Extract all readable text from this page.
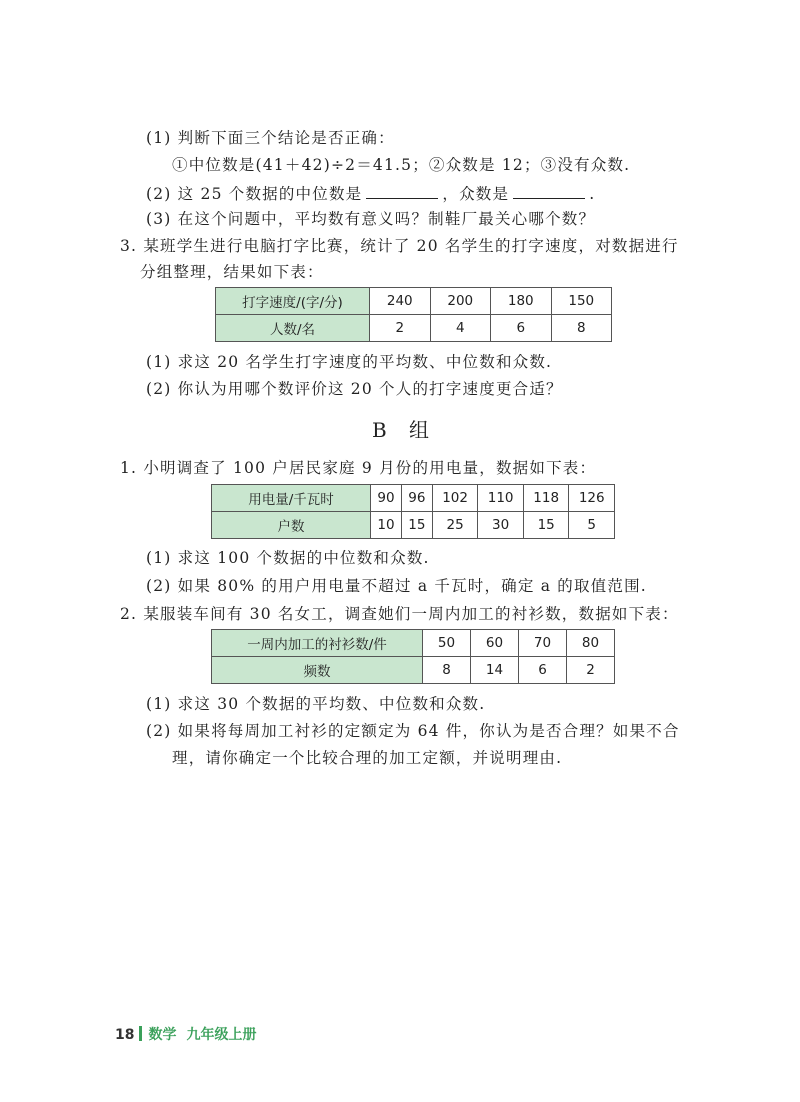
(1) 判断下面三个结论是否正确：
①中位数是(41＋42)÷2＝41.5；②众数是 12；③没有众数.
(2) 这 25 个数据的中位数是	，众数是	.
(3) 在这个问题中，平均数有意义吗？制鞋厂最关心哪个数？
3. 某班学生进行电脑打字比赛，统计了 20 名学生的打字速度，对数据进行
分组整理，结果如下表：
打字速度/(字/分)	240	200	180	150
人数/名	2	4	6	8
(1) 求这 20 名学生打字速度的平均数、中位数和众数.
(2) 你认为用哪个数评价这 20 个人的打字速度更合适？
B 组
1. 小明调查了 100 户居民家庭 9 月份的用电量，数据如下表：
用电量/千瓦时	90	96	102	110	118	126
户数	10	15	25	30	15	5
(1) 求这 100 个数据的中位数和众数.
(2) 如果 80% 的用户用电量不超过 a 千瓦时，确定 a 的取值范围.
2. 某服装车间有 30 名女工，调查她们一周内加工的衬衫数，数据如下表：
一周内加工的衬衫数/件	50	60	70	80
频数	8	14	6	2
(1) 求这 30 个数据的平均数、中位数和众数.
(2) 如果将每周加工衬衫的定额定为 64 件，你认为是否合理？如果不合
理，请你确定一个比较合理的加工定额，并说明理由.
18 数学 九年级上册
